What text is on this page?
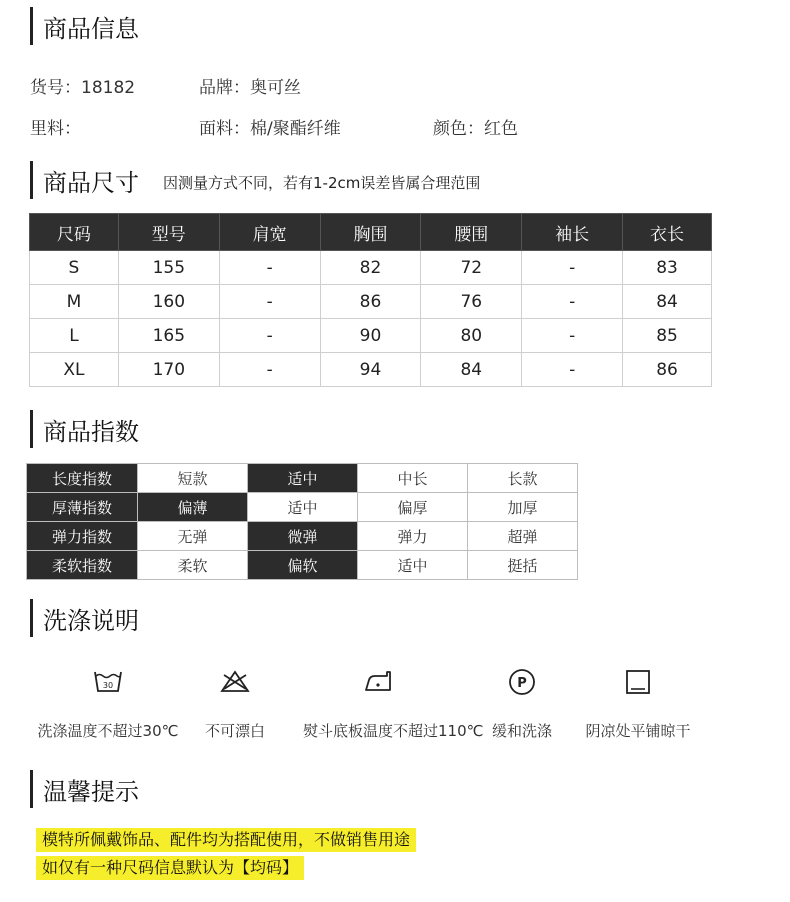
商品信息
货号：18182	品牌：奥可丝
里料：	面料：棉/聚酯纤维	颜色：红色
商品尺寸 因测量方式不同，若有1-2cm误差皆属合理范围
尺码	型号	肩宽	胸围	腰围	袖长	衣长
S	155	-	82	72	-	83
M	160	-	86	76	-	84
L	165	-	90	80	-	85
XL	170	-	94	84	-	86
商品指数
长度指数	短款	适中	中长	长款
厚薄指数	偏薄	适中	偏厚	加厚
弹力指数	无弹	微弹	弹力	超弹
柔软指数	柔软	偏软	适中	挺括
洗涤说明
30
洗涤温度不超过30℃	不可漂白	熨斗底板温度不超过110℃
P
缓和洗涤	阴凉处平铺晾干
温馨提示
模特所佩戴饰品、配件均为搭配使用，不做销售用途
如仅有一种尺码信息默认为【均码】
